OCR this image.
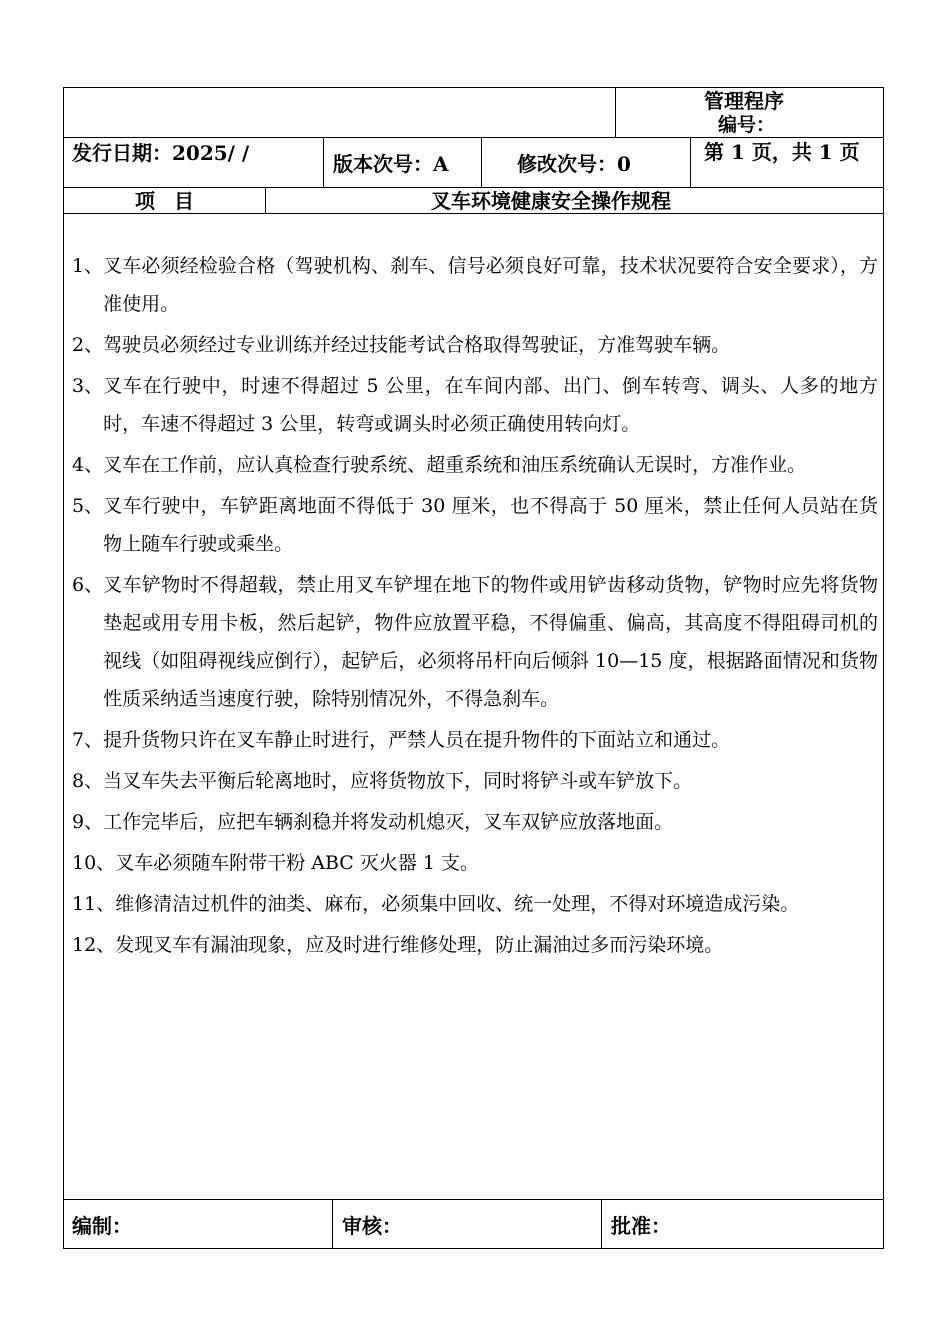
管理程序
编号：
发行日期：2025/ /	版本次号：A	修改次号：0	第 1 页，共 1 页
项 目	叉车环境健康安全操作规程
1、 叉车必须经检验合格（驾驶机构、刹车、信号必须良好可靠，技术状况要符合安全要求），方准使用。
2、 驾驶员必须经过专业训练并经过技能考试合格取得驾驶证，方准驾驶车辆。
3、 叉车在行驶中，时速不得超过 5 公里，在车间内部、出门、倒车转弯、调头、人多的地方时，车速不得超过 3 公里，转弯或调头时必须正确使用转向灯。
4、 叉车在工作前，应认真检查行驶系统、超重系统和油压系统确认无误时，方准作业。
5、 叉车行驶中，车铲距离地面不得低于 30 厘米，也不得高于 50 厘米，禁止任何人员站在货物上随车行驶或乘坐。
6、 叉车铲物时不得超载，禁止用叉车铲埋在地下的物件或用铲齿移动货物，铲物时应先将货物垫起或用专用卡板，然后起铲，物件应放置平稳，不得偏重、偏高，其高度不得阻碍司机的视线（如阻碍视线应倒行），起铲后，必须将吊杆向后倾斜 10—15 度，根据路面情况和货物性质采纳适当速度行驶，除特别情况外，不得急刹车。
7、 提升货物只许在叉车静止时进行，严禁人员在提升物件的下面站立和通过。
8、 当叉车失去平衡后轮离地时，应将货物放下，同时将铲斗或车铲放下。
9、 工作完毕后，应把车辆刹稳并将发动机熄灭，叉车双铲应放落地面。
10、 叉车必须随车附带干粉 ABC 灭火器 1 支。
11、 维修清洁过机件的油类、麻布，必须集中回收、统一处理，不得对环境造成污染。
12、 发现叉车有漏油现象，应及时进行维修处理，防止漏油过多而污染环境。
编制：	审核：	批准：
